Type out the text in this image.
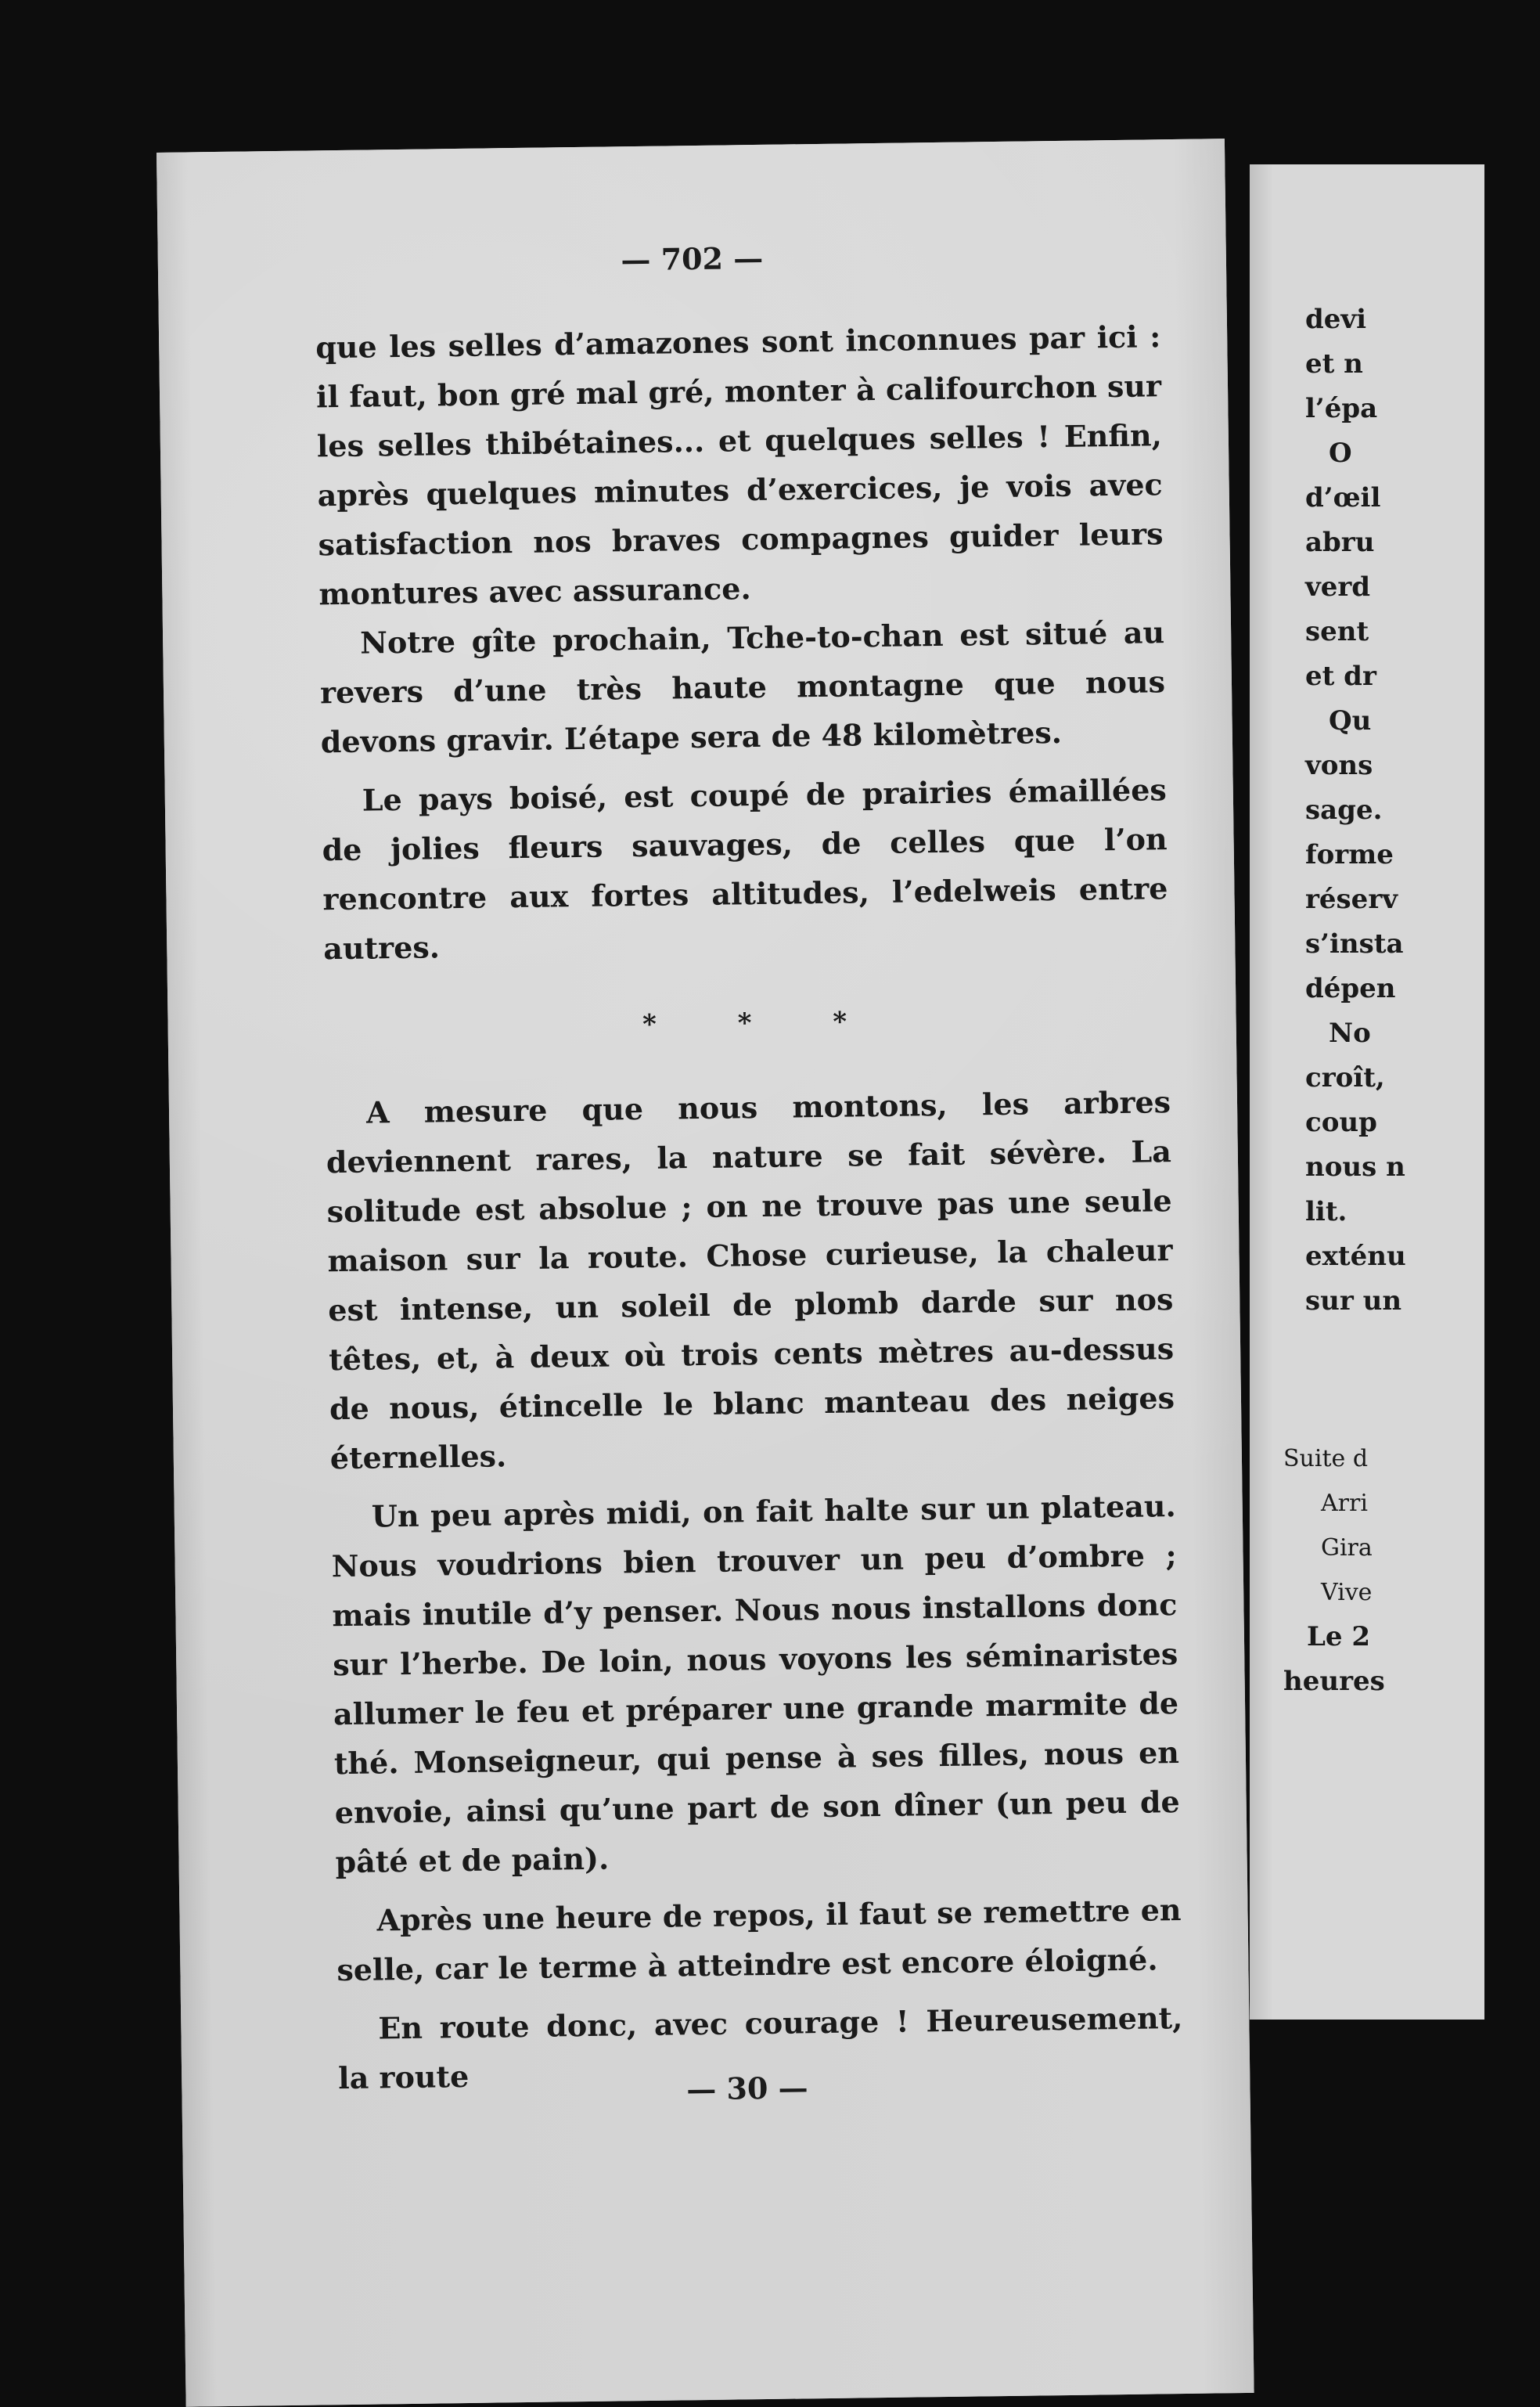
— 702 —

que les selles d’amazones sont inconnues par ici : il faut, bon gré mal gré, monter à califourchon sur les selles thibétaines... et quelques selles ! Enfin, après quelques minutes d’exercices, je vois avec satisfaction nos braves compagnes guider leurs montures avec assurance.

Notre gîte prochain, Tche-to-chan est situé au revers d’une très haute montagne que nous devons gravir. L’étape sera de 48 kilomètres.

Le pays boisé, est coupé de prairies émaillées de jolies fleurs sauvages, de celles que l’on rencontre aux fortes altitudes, l’edelweis entre autres.

* * *

A mesure que nous montons, les arbres deviennent rares, la nature se fait sévère. La solitude est absolue ; on ne trouve pas une seule maison sur la route. Chose curieuse, la chaleur est intense, un soleil de plomb darde sur nos têtes, et, à deux où trois cents mètres au-dessus de nous, étincelle le blanc manteau des neiges éternelles.

Un peu après midi, on fait halte sur un plateau. Nous voudrions bien trouver un peu d’ombre ; mais inutile d’y penser. Nous nous installons donc sur l’herbe. De loin, nous voyons les séminaristes allumer le feu et préparer une grande marmite de thé. Monseigneur, qui pense à ses filles, nous en envoie, ainsi qu’une part de son dîner (un peu de pâté et de pain).

Après une heure de repos, il faut se remettre en selle, car le terme à atteindre est encore éloigné.

En route donc, avec courage ! Heureusement, la route	— 30 —
devi
et n
l’épa
O
d’œil
abru
verd
sent
et dr
Qu
vons
sage.
forme
réserv
s’insta
dépen
No
croît,
coup
nous n
lit.
exténu
sur un
Suite d
Arri
Gira
Vive
Le 2
heures
